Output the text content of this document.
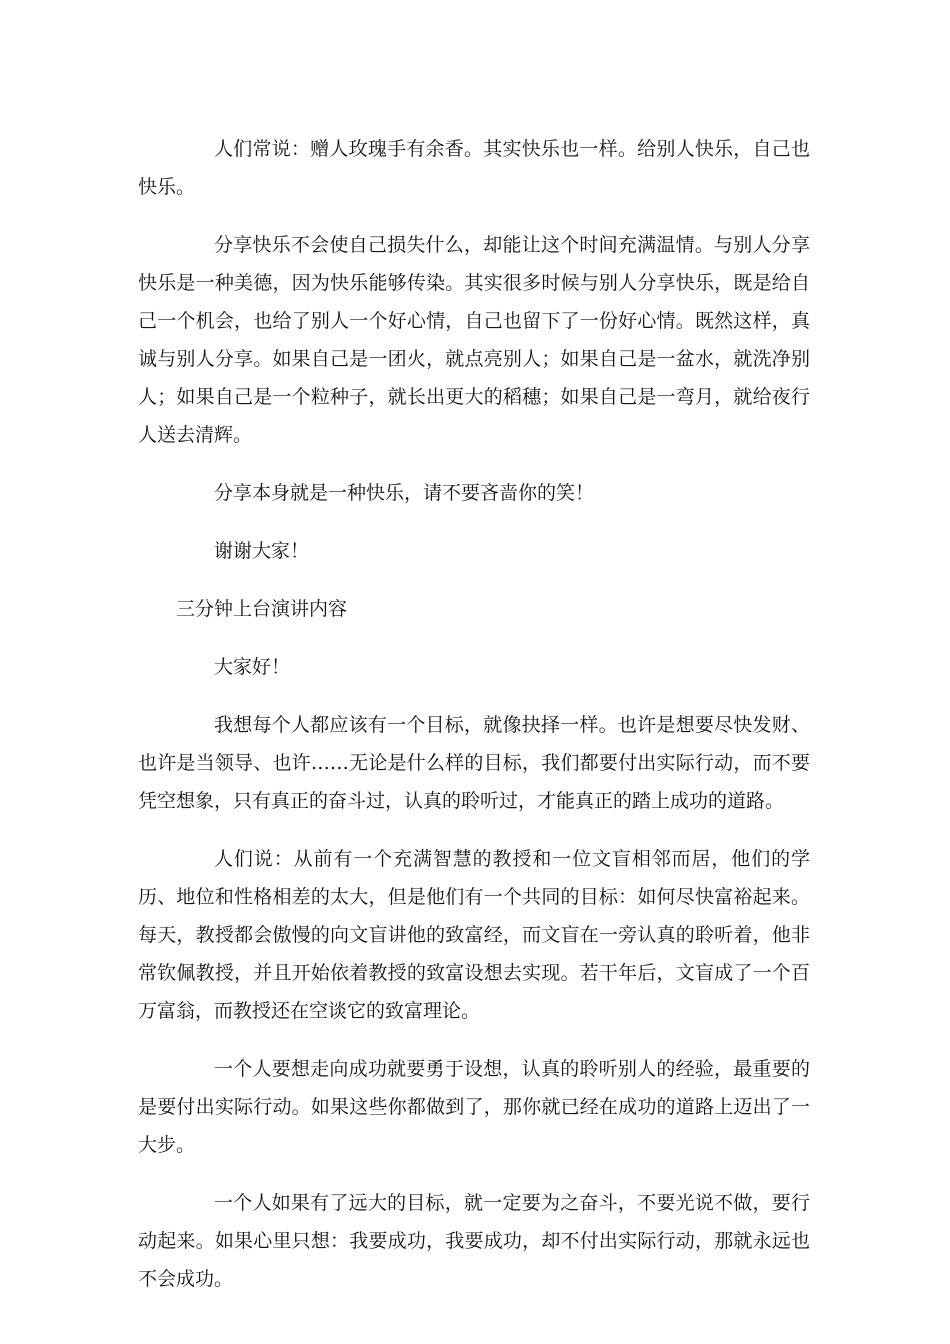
人们常说：赠人玫瑰手有余香。其实快乐也一样。给别人快乐，自己也快乐。

分享快乐不会使自己损失什么，却能让这个时间充满温情。与别人分享快乐是一种美德，因为快乐能够传染。其实很多时候与别人分享快乐，既是给自己一个机会，也给了别人一个好心情，自己也留下了一份好心情。既然这样，真诚与别人分享。如果自己是一团火，就点亮别人；如果自己是一盆水，就洗净别人；如果自己是一个粒种子，就长出更大的稻穗；如果自己是一弯月，就给夜行人送去清辉。

分享本身就是一种快乐，请不要吝啬你的笑！

谢谢大家！

三分钟上台演讲内容

大家好！

我想每个人都应该有一个目标，就像抉择一样。也许是想要尽快发财、也许是当领导、也许……无论是什么样的目标，我们都要付出实际行动，而不要凭空想象，只有真正的奋斗过，认真的聆听过，才能真正的踏上成功的道路。

人们说：从前有一个充满智慧的教授和一位文盲相邻而居，他们的学历、地位和性格相差的太大，但是他们有一个共同的目标：如何尽快富裕起来。每天，教授都会傲慢的向文盲讲他的致富经，而文盲在一旁认真的聆听着，他非常钦佩教授，并且开始依着教授的致富设想去实现。若干年后，文盲成了一个百万富翁，而教授还在空谈它的致富理论。

一个人要想走向成功就要勇于设想，认真的聆听别人的经验，最重要的是要付出实际行动。如果这些你都做到了，那你就已经在成功的道路上迈出了一大步。

一个人如果有了远大的目标，就一定要为之奋斗，不要光说不做，要行动起来。如果心里只想：我要成功，我要成功，却不付出实际行动，那就永远也不会成功。
